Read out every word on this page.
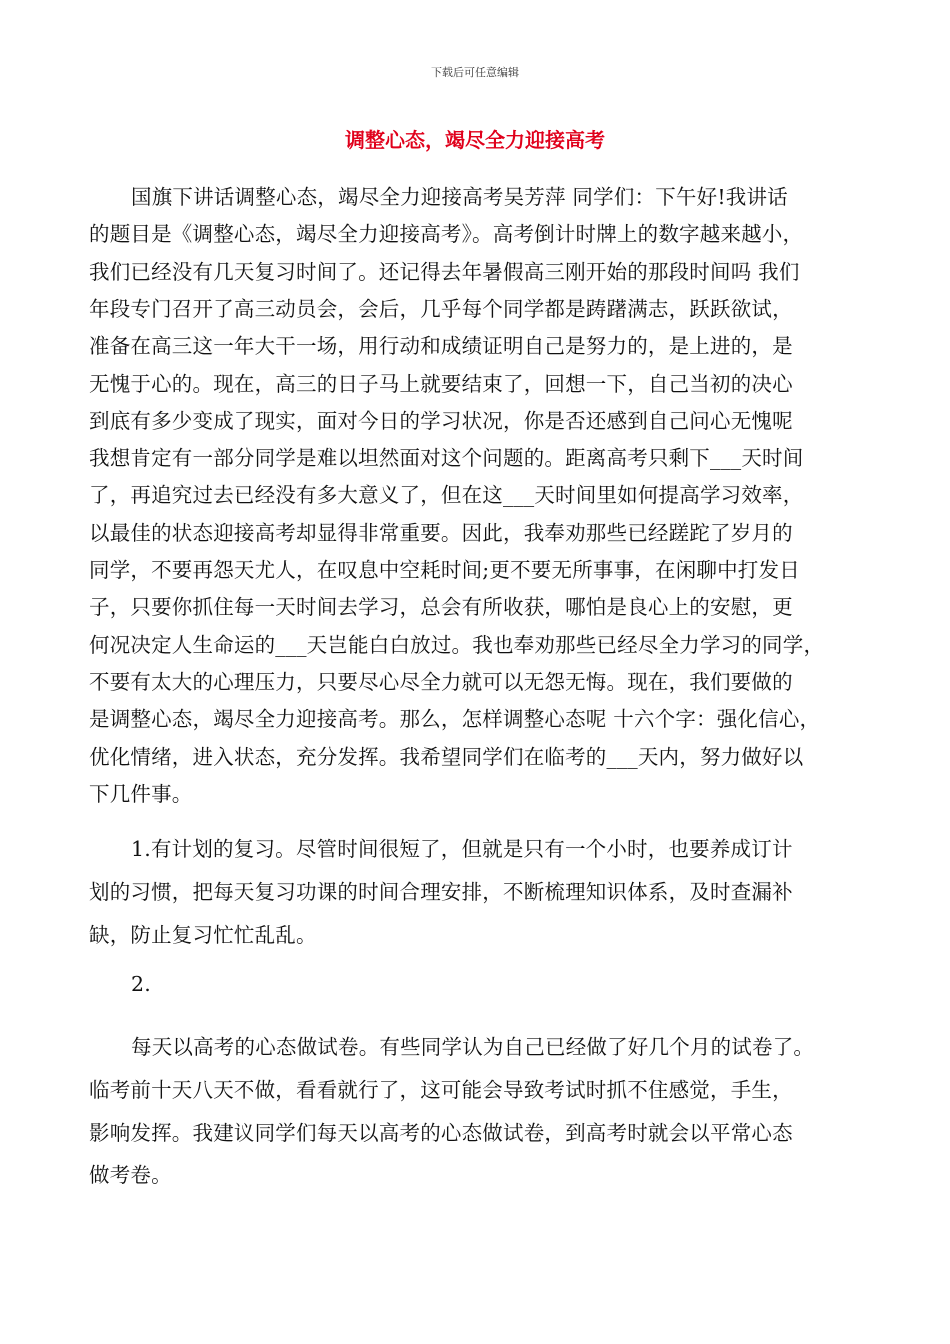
下载后可任意编辑
调整心态，竭尽全力迎接高考
国旗下讲话调整心态，竭尽全力迎接高考吴芳萍 同学们：下午好!我讲话
的题目是《调整心态，竭尽全力迎接高考》。高考倒计时牌上的数字越来越小，
我们已经没有几天复习时间了。还记得去年暑假高三刚开始的那段时间吗 我们
年段专门召开了高三动员会，会后，几乎每个同学都是踌躇满志，跃跃欲试，
准备在高三这一年大干一场，用行动和成绩证明自己是努力的，是上进的，是
无愧于心的。现在，高三的日子马上就要结束了，回想一下，自己当初的决心
到底有多少变成了现实，面对今日的学习状况，你是否还感到自己问心无愧呢
我想肯定有一部分同学是难以坦然面对这个问题的。距离高考只剩下___天时间
了，再追究过去已经没有多大意义了，但在这___天时间里如何提高学习效率，
以最佳的状态迎接高考却显得非常重要。因此，我奉劝那些已经蹉跎了岁月的
同学，不要再怨天尤人，在叹息中空耗时间;更不要无所事事，在闲聊中打发日
子，只要你抓住每一天时间去学习，总会有所收获，哪怕是良心上的安慰，更
何况决定人生命运的___天岂能白白放过。我也奉劝那些已经尽全力学习的同学，
不要有太大的心理压力，只要尽心尽全力就可以无怨无悔。现在，我们要做的
是调整心态，竭尽全力迎接高考。那么，怎样调整心态呢 十六个字：强化信心，
优化情绪，进入状态，充分发挥。我希望同学们在临考的___天内，努力做好以
下几件事。
1.有计划的复习。尽管时间很短了，但就是只有一个小时，也要养成订计
划的习惯，把每天复习功课的时间合理安排，不断梳理知识体系，及时查漏补
缺，防止复习忙忙乱乱。
2.
每天以高考的心态做试卷。有些同学认为自己已经做了好几个月的试卷了。
临考前十天八天不做，看看就行了，这可能会导致考试时抓不住感觉，手生，
影响发挥。我建议同学们每天以高考的心态做试卷，到高考时就会以平常心态
做考卷。
